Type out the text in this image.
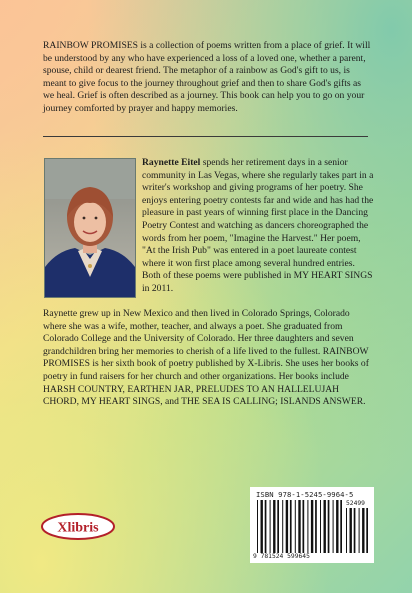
RAINBOW PROMISES is a collection of poems written from a place of grief. It will be understood by any who have experienced a loss of a loved one, whether a parent, spouse, child or dearest friend. The metaphor of a rainbow as God's gift to us, is meant to give focus to the journey throughout grief and then to share God's gifts as we heal. Grief is often described as a journey. This book can help you to go on your journey comforted by prayer and happy memories.

Raynette Eitel spends her retirement days in a senior community in Las Vegas, where she regularly takes part in a writer's workshop and giving programs of her poetry. She enjoys entering poetry contests far and wide and has had the pleasure in past years of winning first place in the Dancing Poetry Contest and watching as dancers choreographed the words from her poem, "Imagine the Harvest." Her poem, "At the Irish Pub" was entered in a poet laureate contest where it won first place among several hundred entries. Both of these poems were published in MY HEART SINGS in 2011.

Raynette grew up in New Mexico and then lived in Colorado Springs, Colorado where she was a wife, mother, teacher, and always a poet. She graduated from Colorado College and the University of Colorado. Her three daughters and seven grandchildren bring her memories to cherish of a life lived to the fullest. RAINBOW PROMISES is her sixth book of poetry published by X-Libris. She uses her books of poetry in fund raisers for her church and other organizations. Her books include HARSH COUNTRY, EARTHEN JAR, PRELUDES TO AN HALLELUJAH CHORD, MY HEART SINGS, and THE SEA IS CALLING; ISLANDS ANSWER.

Xlibris
ISBN 978-1-5245-9964-5
52499
9 781524 599645
